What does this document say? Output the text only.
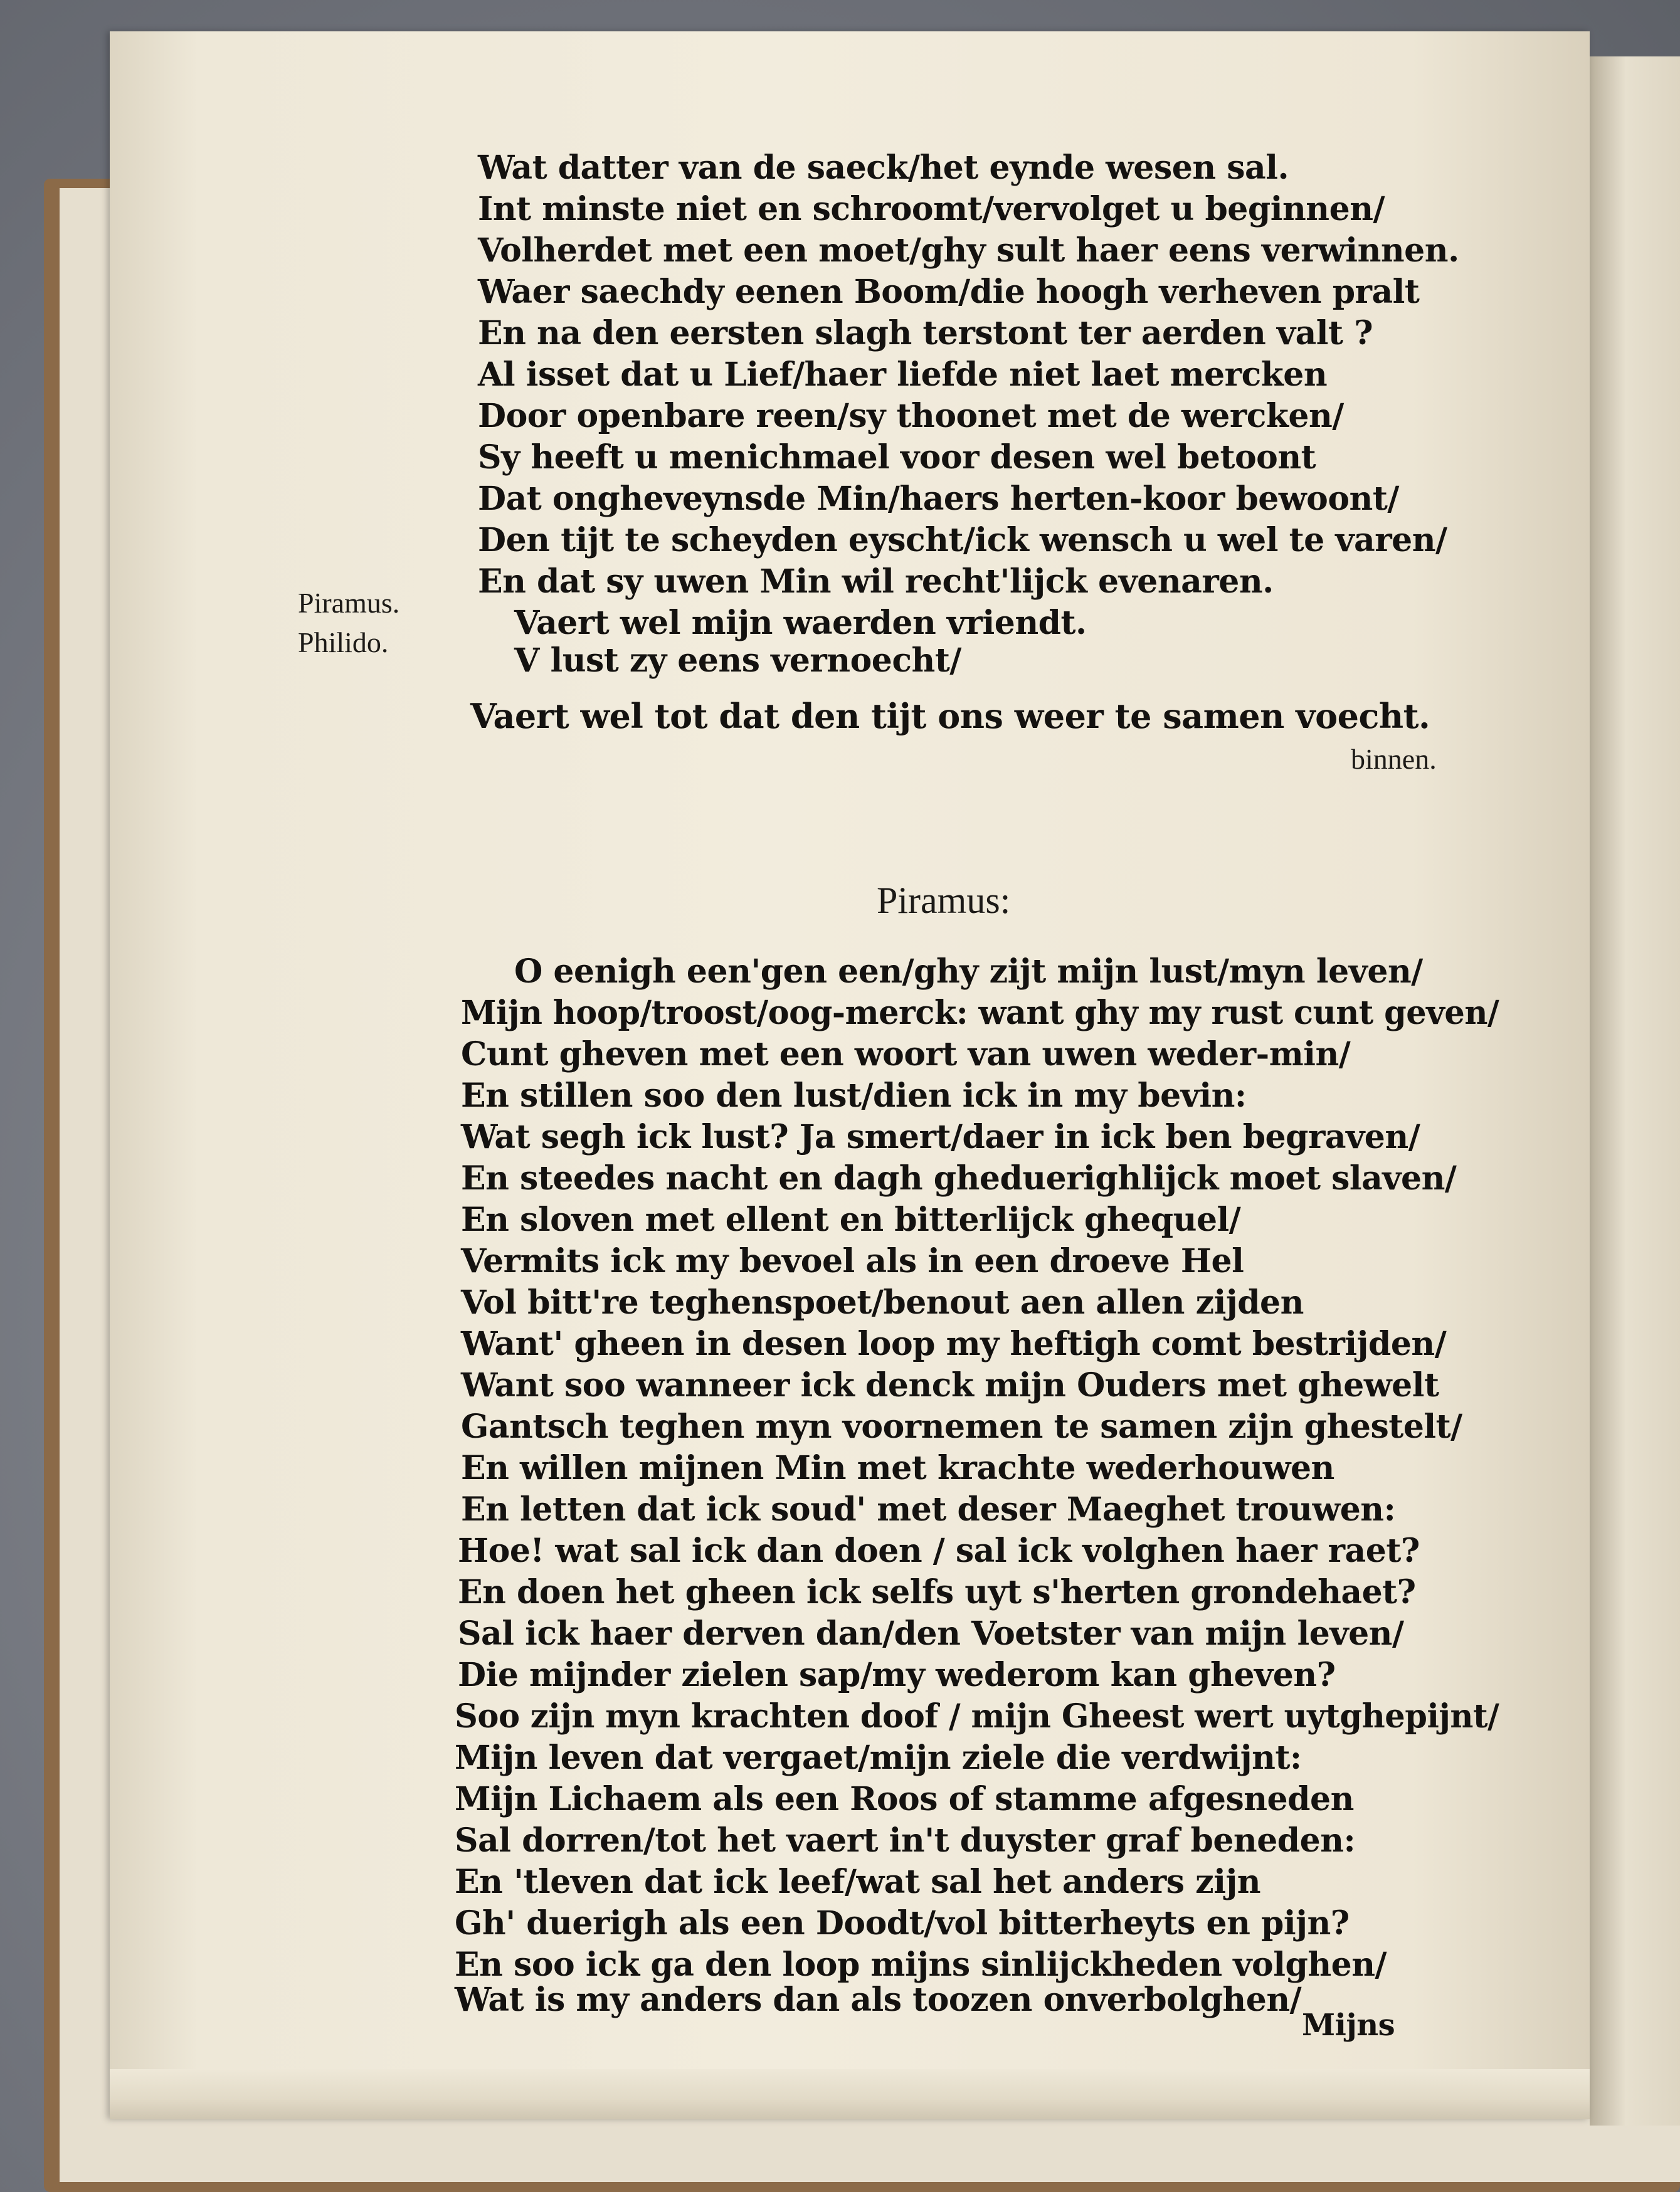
Wat datter van de saeck/het eynde wesen sal.
Int minste niet en schroomt/vervolget u beginnen/
Volherdet met een moet/ghy sult haer eens verwinnen.
Waer saechdy eenen Boom/die hoogh verheven pralt
En na den eersten slagh terstont ter aerden valt ?
Al isset dat u Lief/haer liefde niet laet mercken
Door openbare reen/sy thoonet met de wercken/
Sy heeft u menichmael voor desen wel betoont
Dat ongheveynsde Min/haers herten-koor bewoont/
Den tijt te scheyden eyscht/ick wensch u wel te varen/
En dat sy uwen Min wil recht'lijck evenaren.
Piramus.
Vaert wel mijn waerden vriendt.
Philido.	V lust zy eens vernoecht/
Vaert wel tot dat den tijt ons weer te samen voecht.
binnen.
Piramus:
O eenigh een'gen een/ghy zijt mijn lust/myn leven/
Mijn hoop/troost/oog-merck: want ghy my rust cunt geven/
Cunt gheven met een woort van uwen weder-min/
En stillen soo den lust/dien ick in my bevin:
Wat segh ick lust? Ja smert/daer in ick ben begraven/
En steedes nacht en dagh gheduerighlijck moet slaven/
En sloven met ellent en bitterlijck ghequel/
Vermits ick my bevoel als in een droeve Hel
Vol bitt're teghenspoet/benout aen allen zijden
Want' gheen in desen loop my heftigh comt bestrijden/
Want soo wanneer ick denck mijn Ouders met ghewelt
Gantsch teghen myn voornemen te samen zijn ghestelt/
En willen mijnen Min met krachte wederhouwen
En letten dat ick soud' met deser Maeghet trouwen:
Hoe! wat sal ick dan doen / sal ick volghen haer raet?
En doen het gheen ick selfs uyt s'herten grondehaet?
Sal ick haer derven dan/den Voetster van mijn leven/
Die mijnder zielen sap/my wederom kan gheven?
Soo zijn myn krachten doof / mijn Gheest wert uytghepijnt/
Mijn leven dat vergaet/mijn ziele die verdwijnt:
Mijn Lichaem als een Roos of stamme afgesneden
Sal dorren/tot het vaert in't duyster graf beneden:
En 'tleven dat ick leef/wat sal het anders zijn
Gh' duerigh als een Doodt/vol bitterheyts en pijn?
En soo ick ga den loop mijns sinlijckheden volghen/
Wat is my anders dan als toozen onverbolghen/
Mijns
